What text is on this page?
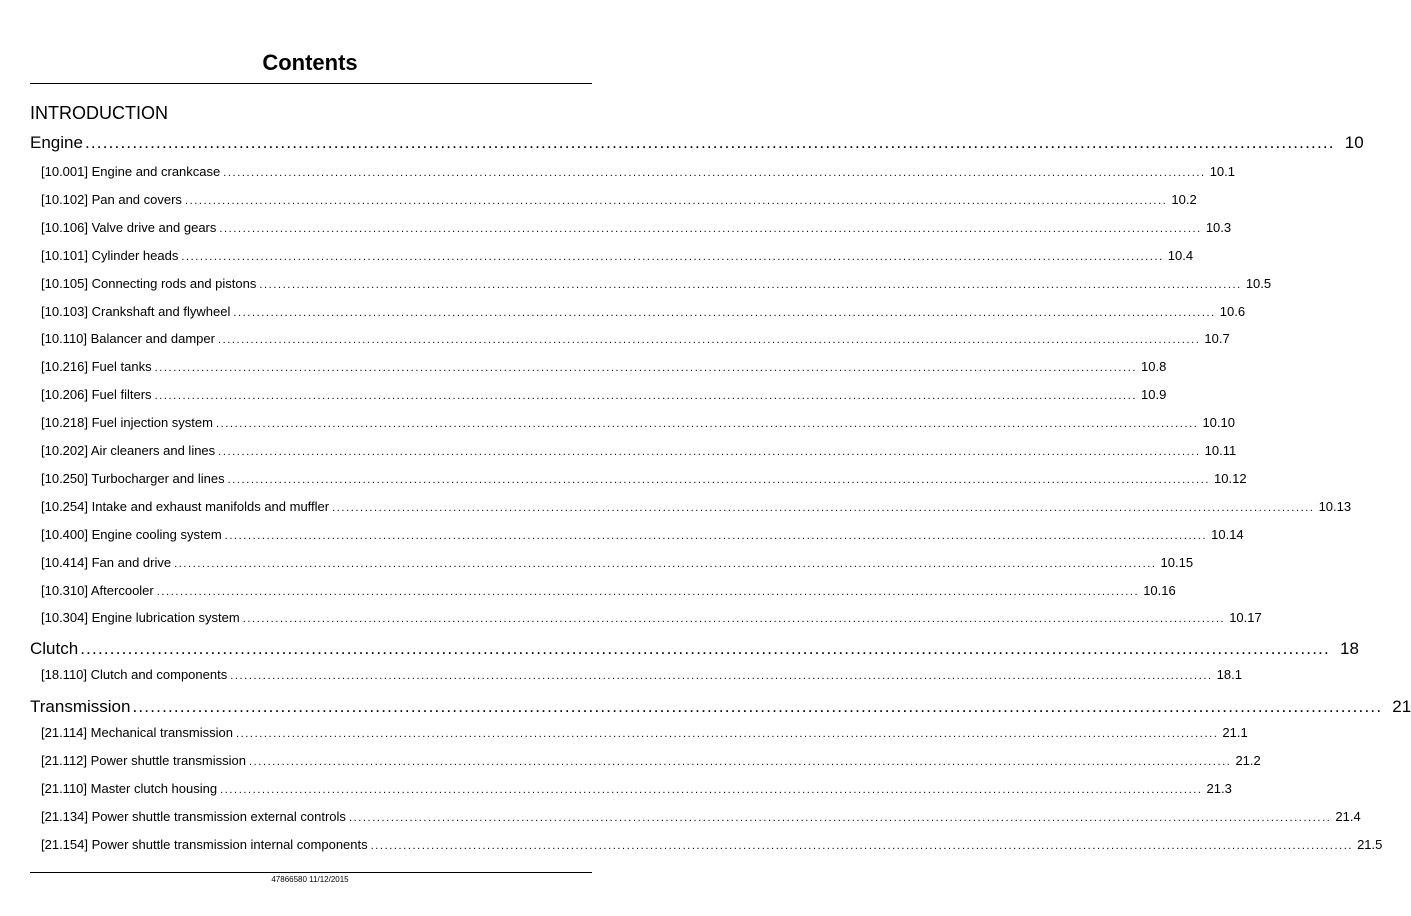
Contents
INTRODUCTION
Engine ................................................................................................................................................................................................................... 10
[10.001] Engine and crankcase ................................................................................................................................................................................................................... 10.1
[10.102] Pan and covers ................................................................................................................................................................................................................... 10.2
[10.106] Valve drive and gears ................................................................................................................................................................................................................... 10.3
[10.101] Cylinder heads ................................................................................................................................................................................................................... 10.4
[10.105] Connecting rods and pistons ................................................................................................................................................................................................................... 10.5
[10.103] Crankshaft and flywheel ................................................................................................................................................................................................................... 10.6
[10.110] Balancer and damper ................................................................................................................................................................................................................... 10.7
[10.216] Fuel tanks ................................................................................................................................................................................................................... 10.8
[10.206] Fuel filters ................................................................................................................................................................................................................... 10.9
[10.218] Fuel injection system ................................................................................................................................................................................................................... 10.10
[10.202] Air cleaners and lines ................................................................................................................................................................................................................... 10.11
[10.250] Turbocharger and lines ................................................................................................................................................................................................................... 10.12
[10.254] Intake and exhaust manifolds and muffler ................................................................................................................................................................................................................... 10.13
[10.400] Engine cooling system ................................................................................................................................................................................................................... 10.14
[10.414] Fan and drive ................................................................................................................................................................................................................... 10.15
[10.310] Aftercooler ................................................................................................................................................................................................................... 10.16
[10.304] Engine lubrication system ................................................................................................................................................................................................................... 10.17
Clutch ................................................................................................................................................................................................................... 18
[18.110] Clutch and components ................................................................................................................................................................................................................... 18.1
Transmission ................................................................................................................................................................................................................... 21
[21.114] Mechanical transmission ................................................................................................................................................................................................................... 21.1
[21.112] Power shuttle transmission ................................................................................................................................................................................................................... 21.2
[21.110] Master clutch housing ................................................................................................................................................................................................................... 21.3
[21.134] Power shuttle transmission external controls ................................................................................................................................................................................................................... 21.4
[21.154] Power shuttle transmission internal components ................................................................................................................................................................................................................... 21.5
47866580 11/12/2015
